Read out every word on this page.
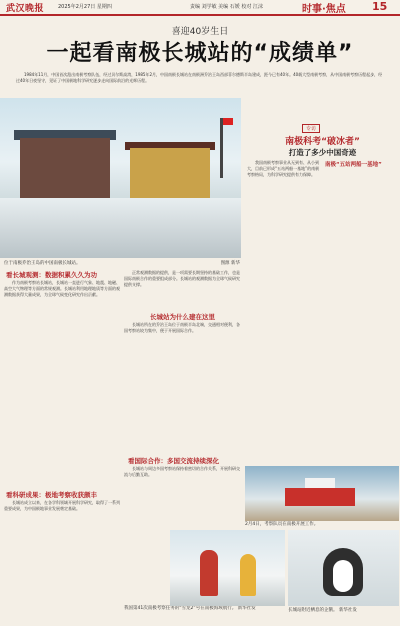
武汉晚报	2025年2月27日 星期四	责编 刘学敏 美编 石媛 校对 江沫	时事·焦点 15
喜迎40岁生日
一起看南极长城站的“成绩单”
1984年11月，中国首次派出南极考察队伍，经过贝尔斯高湾，1985年2月，中国南极长城站在南极洲乔治王岛西部菲尔德斯半岛建成，距今已有40年。40载大型南极考察，从中国南极考察历程起步，经过40年日夜坚守，见证了中国极地科学研究逐步走向国际前沿的光辉历程。
位于南极乔治王岛的中国南极长城站。	图源 新华
看长城观测：数据积累久久为功
作为南极考察站长城站，长城站一直进行气象、地震、地磁、高空大气物理等方面的常规观测。长城站利用地理地质等方面的观测数据获得大量成果，为全球气候变化研究作出贡献。
看科研成果：极地考察收获颇丰
长城站成立以来，在各学科领域开展科学研究，取得了一系列重要成果，为中国极地事业发展奠定基础。
正常观测数据的提供，是一项需要长期坚持的基础工作，也是国际南极合作的重要组成部分。长城站的观测数据为全球气候研究提供支撑。
长城站为什么建在这里
长城站所在的乔治王岛位于南极半岛北端，交通相对便利，各国考察站较为集中，便于开展国际合作。
看国际合作：多国交流持续深化
长城站与周边多国考察站保持着密切的合作关系，开展科研交流与后勤互助。
专访
南极科考“破冰者”
打造了多少中国奇迹
我国南极考察事业从无到有、从小到大，目前已形成“五站两船一基地”的南极考察格局，为科学研究提供有力保障。
南极“五站两船一基地”
我国第41次南极考察任务的“雪龙2”号在南极海域航行。 新华社发
2月4日，考察队员在南极开展工作。
长城站附近栖息的企鹅。 新华社发
